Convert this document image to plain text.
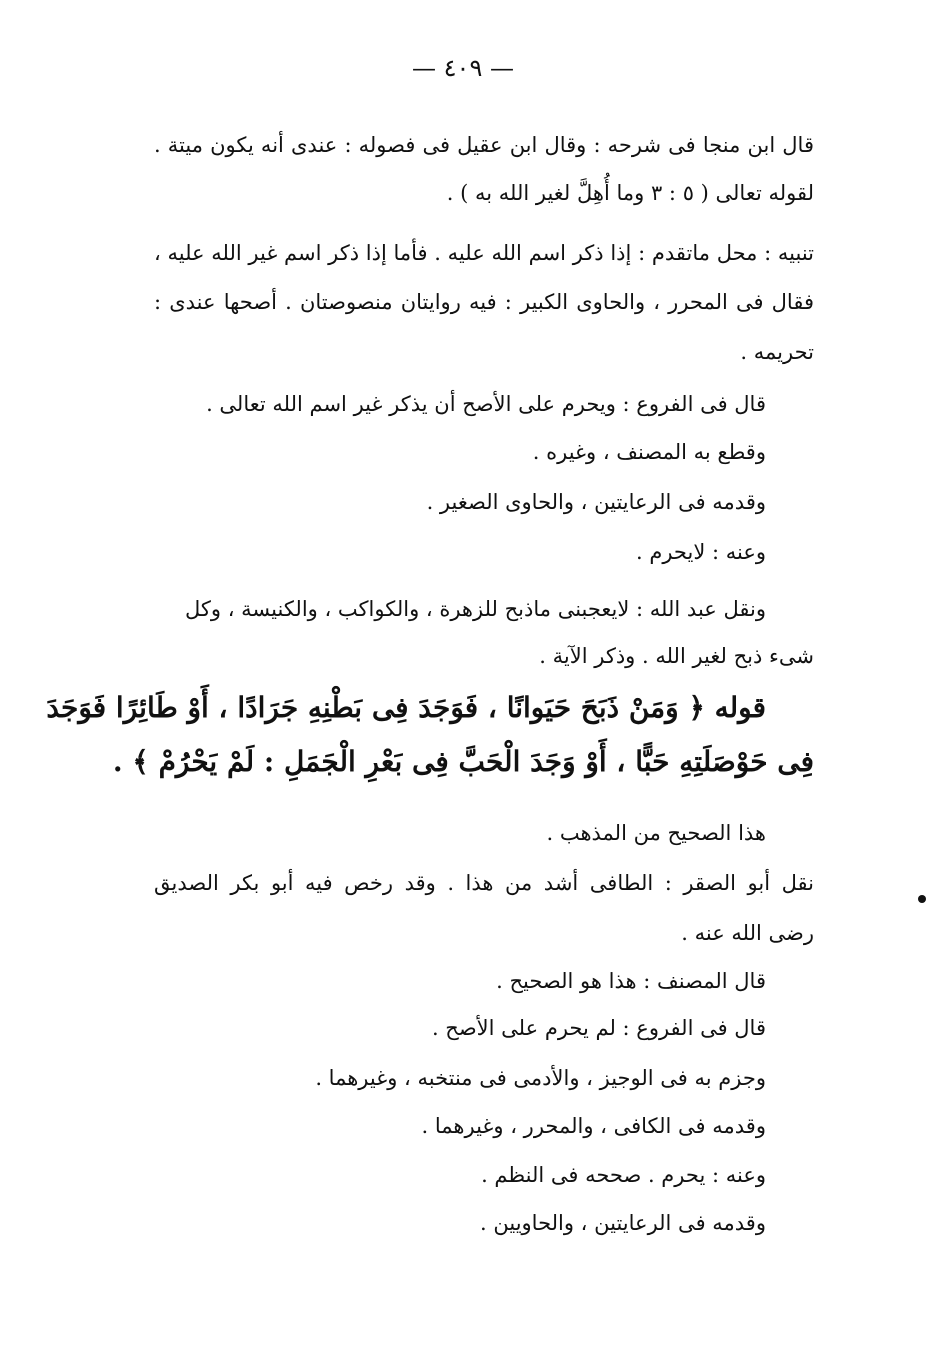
— ٤٠٩ —
قال ابن منجا فى شرحه : وقال ابن عقيل فى فصوله : عندى أنه يكون ميتة .
لقوله تعالى ( ٥ : ٣ وما أُهِلَّ لغير الله به ) .
تنبيه : محل ماتقدم : إذا ذكر اسم الله عليه . فأما إذا ذكر اسم غير الله عليه ،
فقال فى المحرر ، والحاوى الكبير : فيه روايتان منصوصتان . أصحها عندى :
تحريمه .
قال فى الفروع : ويحرم على الأصح أن يذكر غير اسم الله تعالى .
وقطع به المصنف ، وغيره .
وقدمه فى الرعايتين ، والحاوى الصغير .
وعنه : لايحرم .
ونقل عبد الله : لايعجبنى ماذبح للزهرة ، والكواكب ، والكنيسة ، وكل
شىء ذبح لغير الله . وذكر الآية .
قوله ﴿ وَمَنْ ذَبَحَ حَيَوانًا ، فَوَجَدَ فِى بَطْنِهِ جَرَادًا ، أَوْ طَائِرًا فَوَجَدَ
فِى حَوْصَلَتِهِ حَبًّا ، أَوْ وَجَدَ الْحَبَّ فِى بَعْرِ الْجَمَلِ : لَمْ يَحْرُمْ ﴾ .
هذا الصحيح من المذهب .
نقل أبو الصقر : الطافى أشد من هذا . وقد رخص فيه أبو بكر الصديق
رضى الله عنه .
قال المصنف : هذا هو الصحيح .
قال فى الفروع : لم يحرم على الأصح .
وجزم به فى الوجيز ، والأدمى فى منتخبه ، وغيرهما .
وقدمه فى الكافى ، والمحرر ، وغيرهما .
وعنه : يحرم . صححه فى النظم .
وقدمه فى الرعايتين ، والحاويين .
